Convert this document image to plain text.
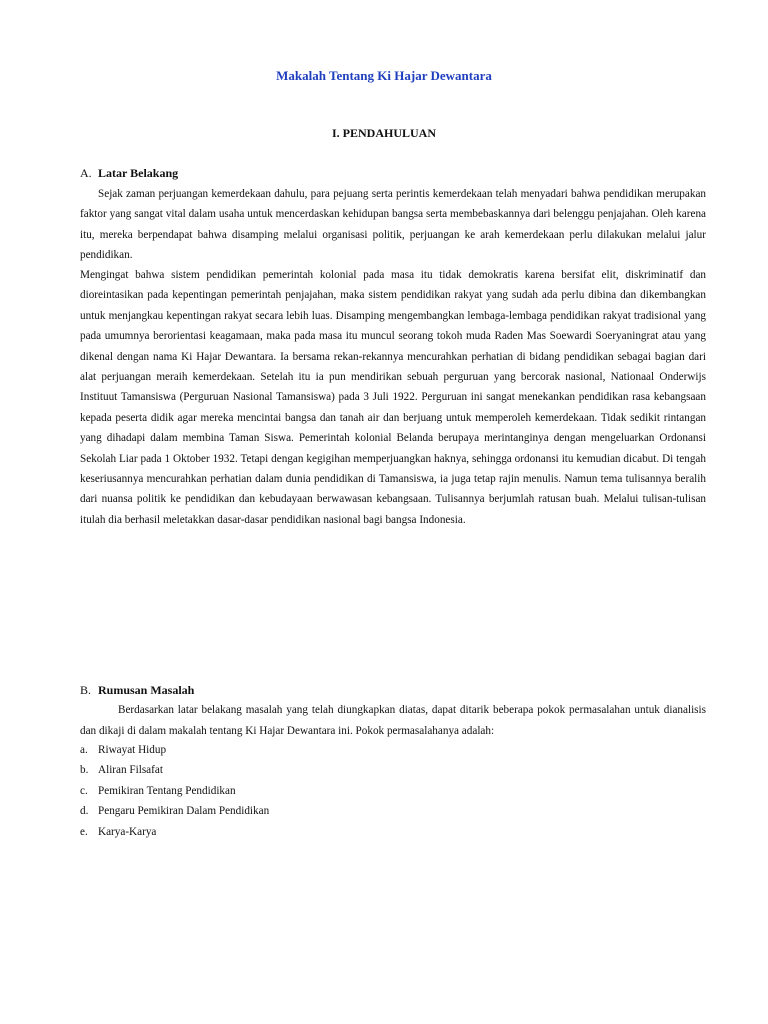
Makalah Tentang Ki Hajar Dewantara
I. PENDAHULUAN
A. Latar Belakang

Sejak zaman perjuangan kemerdekaan dahulu, para pejuang serta perintis kemerdekaan telah menyadari bahwa pendidikan merupakan faktor yang sangat vital dalam usaha untuk mencerdaskan kehidupan bangsa serta membebaskannya dari belenggu penjajahan. Oleh karena itu, mereka berpendapat bahwa disamping melalui organisasi politik, perjuangan ke arah kemerdekaan perlu dilakukan melalui jalur pendidikan.

Mengingat bahwa sistem pendidikan pemerintah kolonial pada masa itu tidak demokratis karena bersifat elit, diskriminatif dan dioreintasikan pada kepentingan pemerintah penjajahan, maka sistem pendidikan rakyat yang sudah ada perlu dibina dan dikembangkan untuk menjangkau kepentingan rakyat secara lebih luas. Disamping mengembangkan lembaga-lembaga pendidikan rakyat tradisional yang pada umumnya berorientasi keagamaan, maka pada masa itu muncul seorang tokoh muda Raden Mas Soewardi Soeryaningrat atau yang dikenal dengan nama Ki Hajar Dewantara. Ia bersama rekan-rekannya mencurahkan perhatian di bidang pendidikan sebagai bagian dari alat perjuangan meraih kemerdekaan. Setelah itu ia pun mendirikan sebuah perguruan yang bercorak nasional, Nationaal Onderwijs Instituut Tamansiswa (Perguruan Nasional Tamansiswa) pada 3 Juli 1922. Perguruan ini sangat menekankan pendidikan rasa kebangsaan kepada peserta didik agar mereka mencintai bangsa dan tanah air dan berjuang untuk memperoleh kemerdekaan. Tidak sedikit rintangan yang dihadapi dalam membina Taman Siswa. Pemerintah kolonial Belanda berupaya merintanginya dengan mengeluarkan Ordonansi Sekolah Liar pada 1 Oktober 1932. Tetapi dengan kegigihan memperjuangkan haknya, sehingga ordonansi itu kemudian dicabut. Di tengah keseriusannya mencurahkan perhatian dalam dunia pendidikan di Tamansiswa, ia juga tetap rajin menulis. Namun tema tulisannya beralih dari nuansa politik ke pendidikan dan kebudayaan berwawasan kebangsaan. Tulisannya berjumlah ratusan buah. Melalui tulisan-tulisan itulah dia berhasil meletakkan dasar-dasar pendidikan nasional bagi bangsa Indonesia.

B. Rumusan Masalah

Berdasarkan latar belakang masalah yang telah diungkapkan diatas, dapat ditarik beberapa pokok permasalahan untuk dianalisis dan dikaji di dalam makalah tentang Ki Hajar Dewantara ini. Pokok permasalahanya adalah:

a. Riwayat Hidup
b. Aliran Filsafat
c. Pemikiran Tentang Pendidikan
d. Pengaru Pemikiran Dalam Pendidikan
e. Karya-Karya
